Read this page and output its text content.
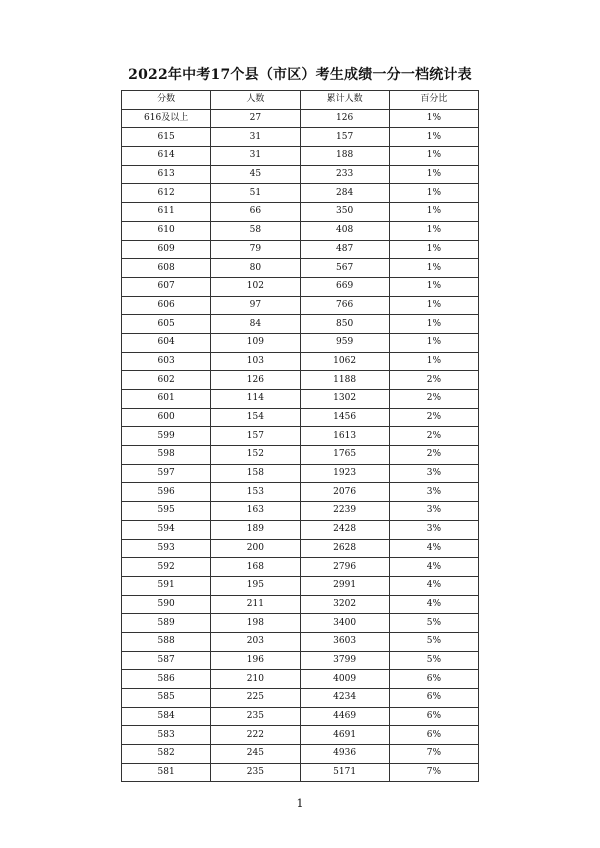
2022年中考17个县（市区）考生成绩一分一档统计表
分数	人数	累计人数	百分比
616及以上	27	126	1%
615	31	157	1%
614	31	188	1%
613	45	233	1%
612	51	284	1%
611	66	350	1%
610	58	408	1%
609	79	487	1%
608	80	567	1%
607	102	669	1%
606	97	766	1%
605	84	850	1%
604	109	959	1%
603	103	1062	1%
602	126	1188	2%
601	114	1302	2%
600	154	1456	2%
599	157	1613	2%
598	152	1765	2%
597	158	1923	3%
596	153	2076	3%
595	163	2239	3%
594	189	2428	3%
593	200	2628	4%
592	168	2796	4%
591	195	2991	4%
590	211	3202	4%
589	198	3400	5%
588	203	3603	5%
587	196	3799	5%
586	210	4009	6%
585	225	4234	6%
584	235	4469	6%
583	222	4691	6%
582	245	4936	7%
581	235	5171	7%
1
